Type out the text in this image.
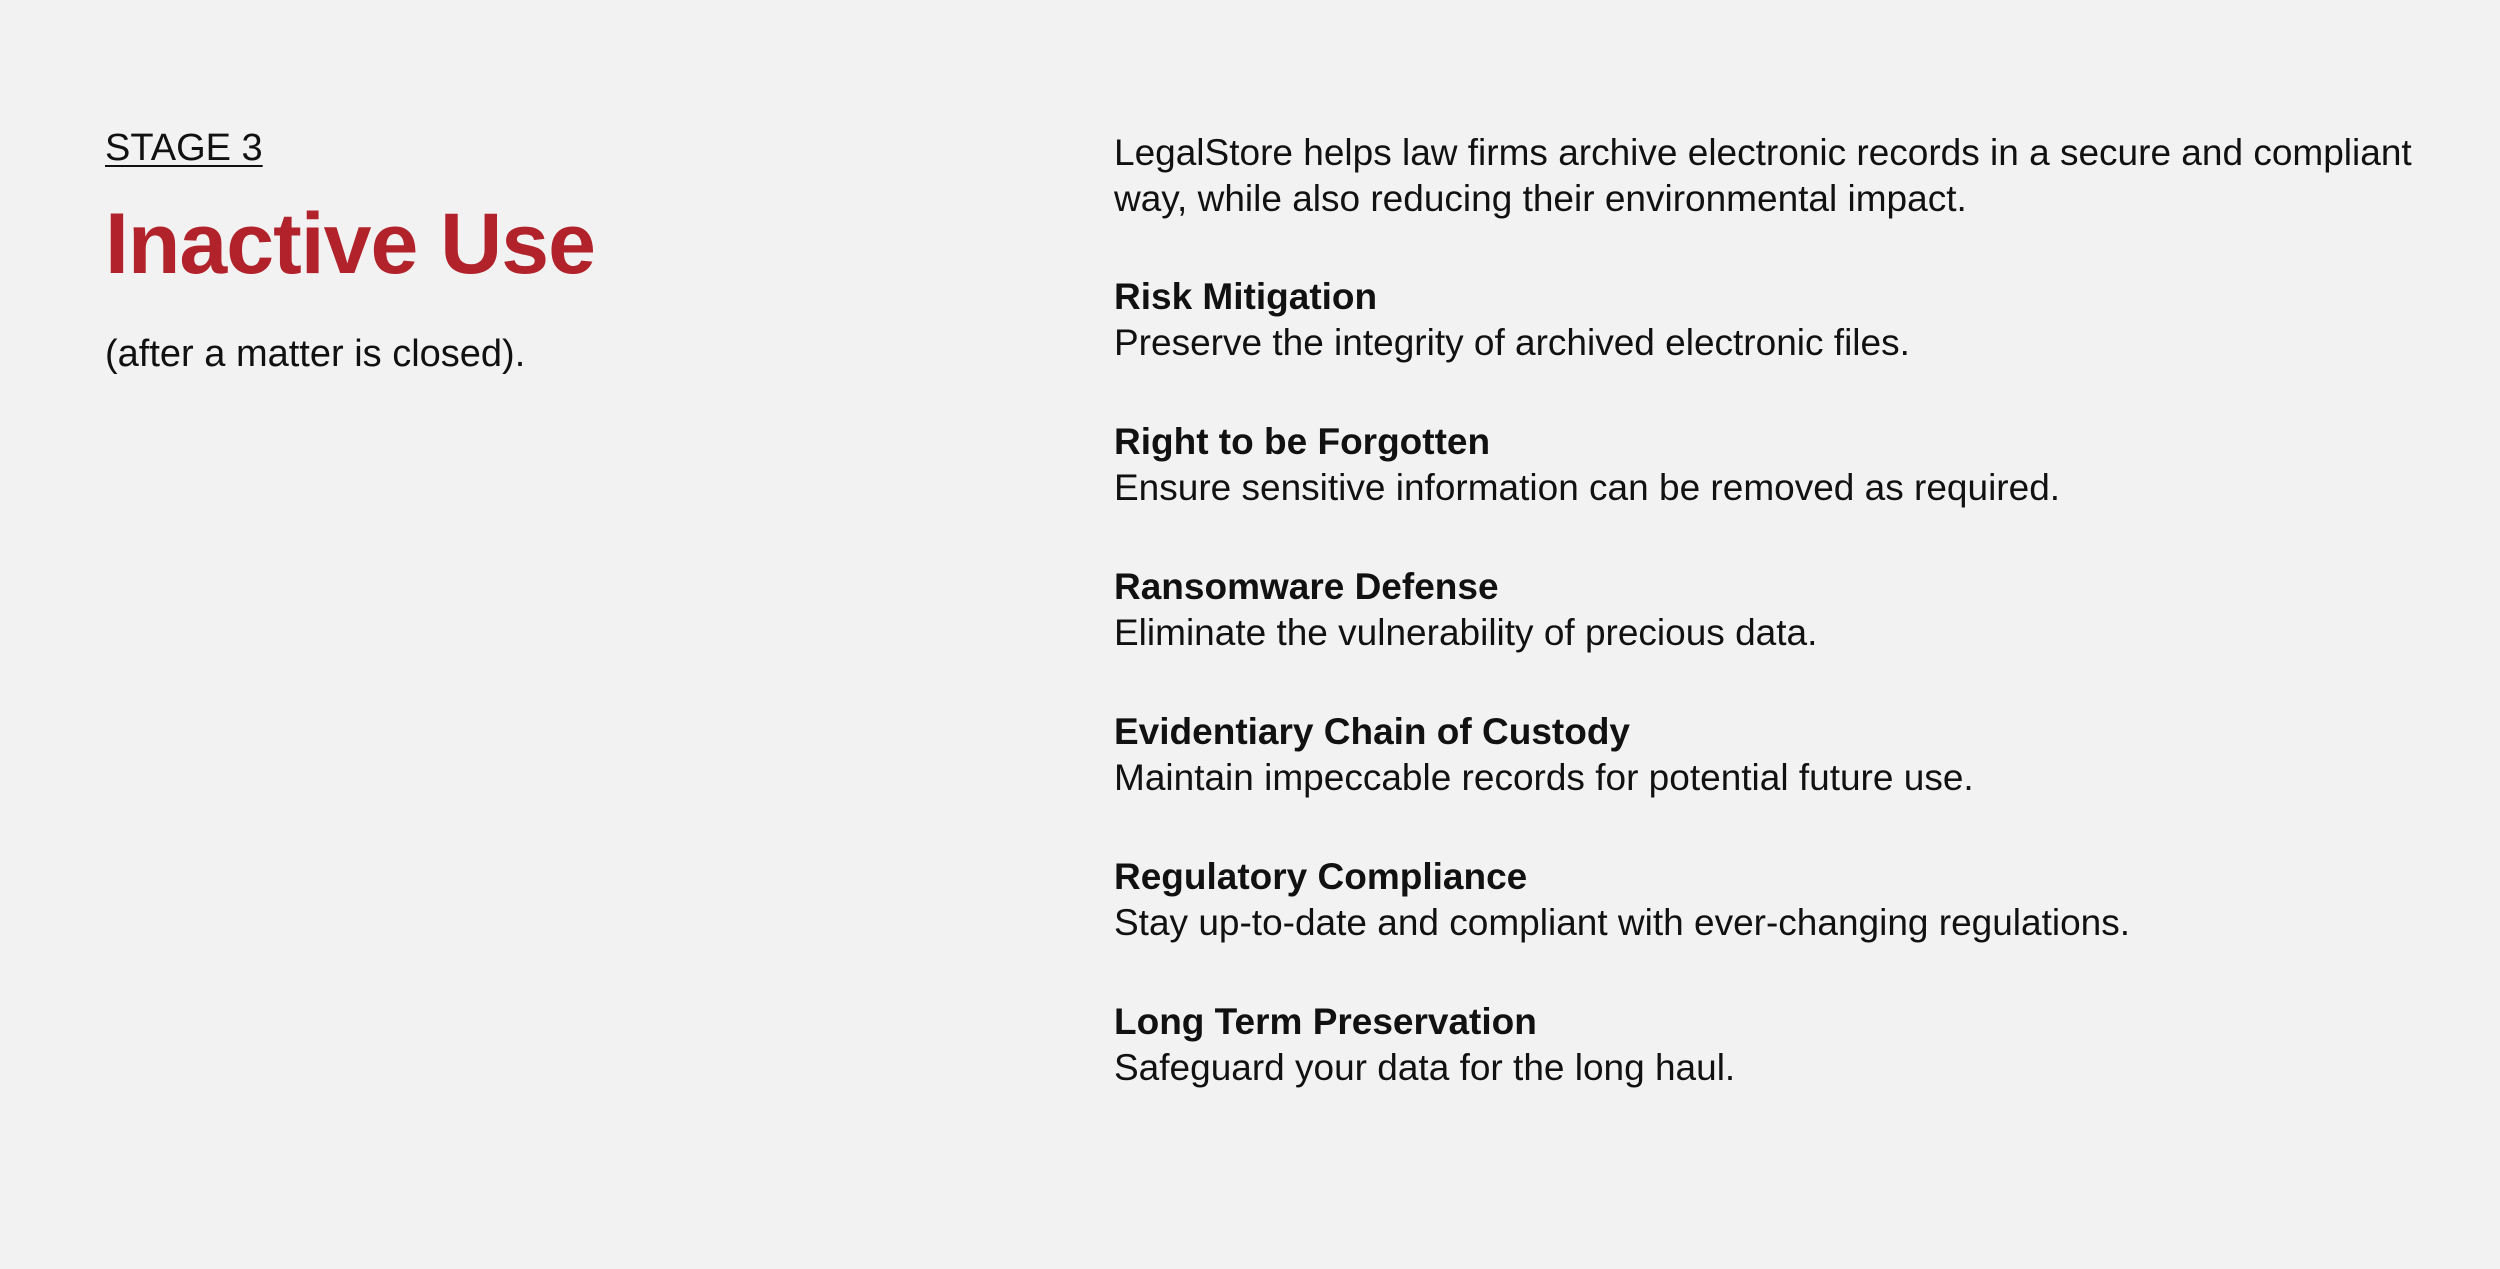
STAGE 3
Inactive Use
(after a matter is closed).

LegalStore helps law firms archive electronic records in a secure and compliant way, while also reducing their environmental impact.

Risk Mitigation
Preserve the integrity of archived electronic files.
Right to be Forgotten
Ensure sensitive information can be removed as required.
Ransomware Defense
Eliminate the vulnerability of precious data.
Evidentiary Chain of Custody
Maintain impeccable records for potential future use.
Regulatory Compliance
Stay up-to-date and compliant with ever-changing regulations.
Long Term Preservation
Safeguard your data for the long haul.
